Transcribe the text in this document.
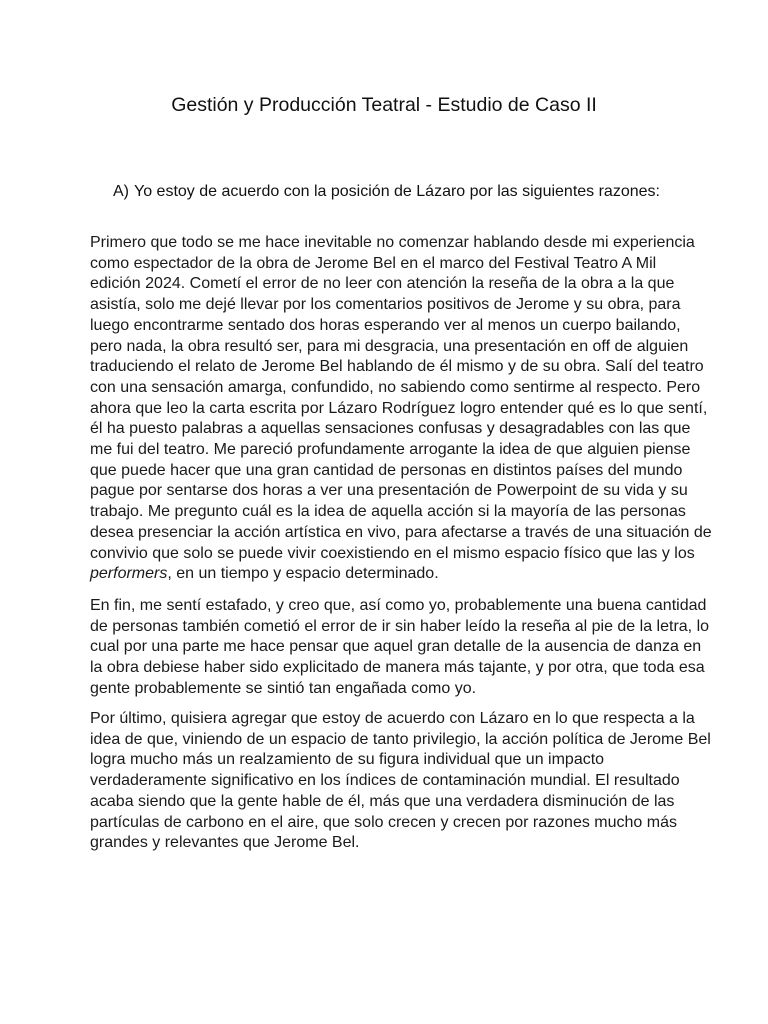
Gestión y Producción Teatral - Estudio de Caso II
A) Yo estoy de acuerdo con la posición de Lázaro por las siguientes razones:
Primero que todo se me hace inevitable no comenzar hablando desde mi experiencia
como espectador de la obra de Jerome Bel en el marco del Festival Teatro A Mil
edición 2024. Cometí el error de no leer con atención la reseña de la obra a la que
asistía, solo me dejé llevar por los comentarios positivos de Jerome y su obra, para
luego encontrarme sentado dos horas esperando ver al menos un cuerpo bailando,
pero nada, la obra resultó ser, para mi desgracia, una presentación en off de alguien
traduciendo el relato de Jerome Bel hablando de él mismo y de su obra. Salí del teatro
con una sensación amarga, confundido, no sabiendo como sentirme al respecto. Pero
ahora que leo la carta escrita por Lázaro Rodríguez logro entender qué es lo que sentí,
él ha puesto palabras a aquellas sensaciones confusas y desagradables con las que
me fui del teatro. Me pareció profundamente arrogante la idea de que alguien piense
que puede hacer que una gran cantidad de personas en distintos países del mundo
pague por sentarse dos horas a ver una presentación de Powerpoint de su vida y su
trabajo. Me pregunto cuál es la idea de aquella acción si la mayoría de las personas
desea presenciar la acción artística en vivo, para afectarse a través de una situación de
convivio que solo se puede vivir coexistiendo en el mismo espacio físico que las y los
performers, en un tiempo y espacio determinado.
En fin, me sentí estafado, y creo que, así como yo, probablemente una buena cantidad
de personas también cometió el error de ir sin haber leído la reseña al pie de la letra, lo
cual por una parte me hace pensar que aquel gran detalle de la ausencia de danza en
la obra debiese haber sido explicitado de manera más tajante, y por otra, que toda esa
gente probablemente se sintió tan engañada como yo.
Por último, quisiera agregar que estoy de acuerdo con Lázaro en lo que respecta a la
idea de que, viniendo de un espacio de tanto privilegio, la acción política de Jerome Bel
logra mucho más un realzamiento de su figura individual que un impacto
verdaderamente significativo en los índices de contaminación mundial. El resultado
acaba siendo que la gente hable de él, más que una verdadera disminución de las
partículas de carbono en el aire, que solo crecen y crecen por razones mucho más
grandes y relevantes que Jerome Bel.
